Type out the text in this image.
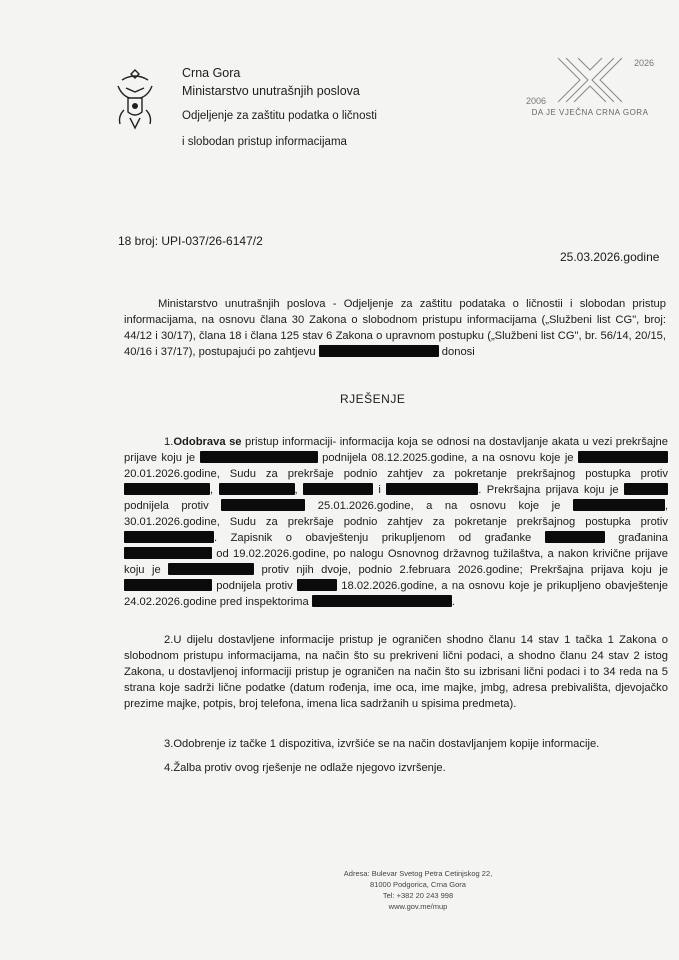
Crna Gora
Ministarstvo unutrašnjih poslova
Odjeljenje za zaštitu podatka o ličnosti
i slobodan pristup informacijama
2026
2006
DA JE VJEČNA CRNA GORA
18 broj: UPI-037/26-6147/2
25.03.2026.godine
Ministarstvo unutrašnjih poslova - Odjeljenje za zaštitu podataka o ličnostii i slobodan pristup informacijama, na osnovu člana 30 Zakona o slobodnom pristupu informacijama („Službeni list CG", broj: 44/12 i 30/17), člana 18 i člana 125 stav 6 Zakona o upravnom postupku („Službeni list CG", br. 56/14, 20/15, 40/16 i 37/17), postupajući po zahtjevu	donosi
RJEŠENJE
1.Odobrava se pristup informaciji- informacija koja se odnosi na dostavljanje akata u vezi prekršajne prijave koju je	podnijela 08.12.2025.godine, a na osnovu koje je  20.01.2026.godine, Sudu za prekršaje podnio zahtjev za pokretanje prekršajnog postupka protiv ,	,	i	. Prekršajna prijava koju je  podnijela protiv	25.01.2026.godine, a na osnovu koje je	, 30.01.2026.godine, Sudu za prekršaje podnio zahtjev za pokretanje prekršajnog postupka protiv . Zapisnik o obavještenju prikupljenom od građanke	građanina  od 19.02.2026.godine, po nalogu Osnovnog državnog tužilaštva, a nakon krivične prijave koju je	protiv njih dvoje, podnio 2.februara 2026.godine; Prekršajna prijava koju je  podnijela protiv	18.02.2026.godine, a na osnovu koje je prikupljeno obavještenje 24.02.2026.godine pred inspektorima	.
2.U dijelu dostavljene informacije pristup je ograničen shodno članu 14 stav 1 tačka 1 Zakona o slobodnom pristupu informacijama, na način što su prekriveni lični podaci, a shodno članu 24 stav 2 istog Zakona, u dostavljenoj informaciji pristup je ograničen na način što su izbrisani lični podaci i to 34 reda na 5 strana koje sadrži lične podatke (datum rođenja, ime oca, ime majke, jmbg, adresa prebivališta, djevojačko prezime majke, potpis, broj telefona, imena lica sadržanih u spisima predmeta).
3.Odobrenje iz tačke 1 dispozitiva, izvršiće se na način dostavljanjem kopije informacije.
4.Žalba protiv ovog rješenje ne odlaže njegovo izvršenje.
Adresa: Bulevar Svetog Petra Cetinjskog 22,
81000 Podgorica, Crna Gora
Tel: +382 20 243 998
www.gov.me/mup
